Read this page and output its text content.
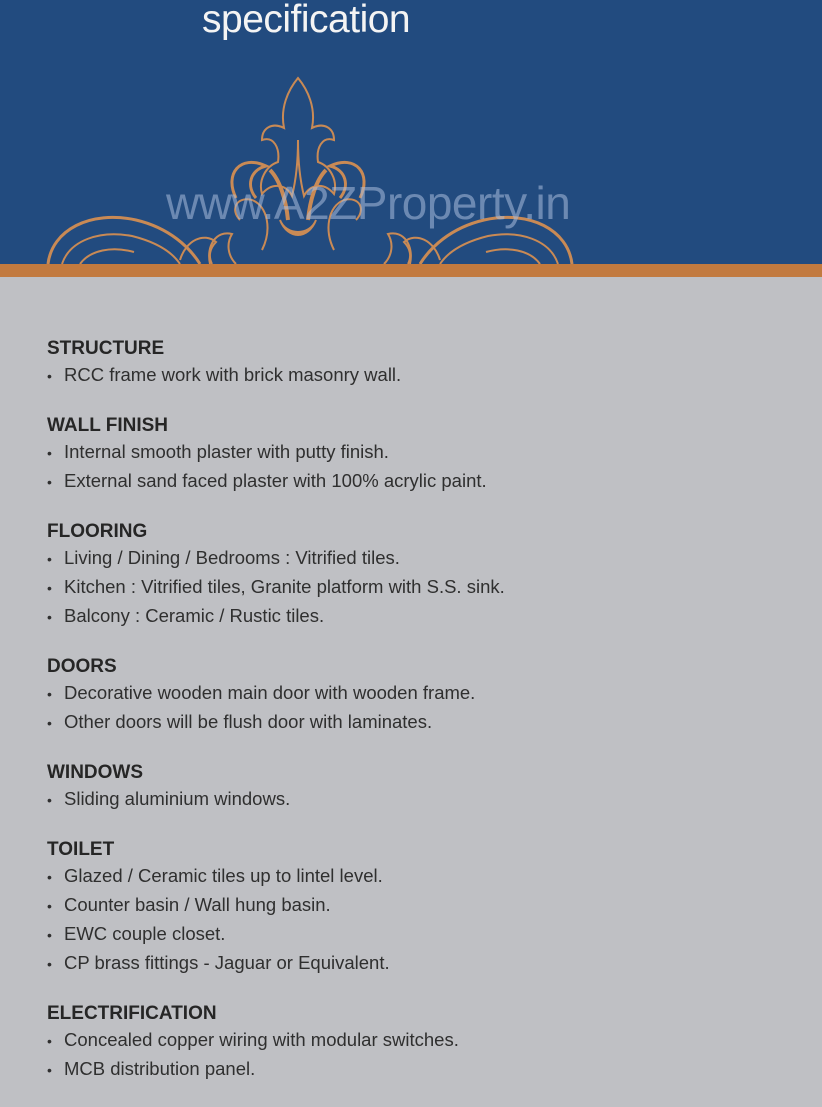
specification
www.A2ZProperty.in
STRUCTURE
• RCC frame work with brick masonry wall.
WALL FINISH
• Internal smooth plaster with putty finish.
• External sand faced plaster with 100% acrylic paint.
FLOORING
• Living / Dining / Bedrooms : Vitrified tiles.
• Kitchen : Vitrified tiles, Granite platform with S.S. sink.
• Balcony : Ceramic / Rustic tiles.
DOORS
• Decorative wooden main door with wooden frame.
• Other doors will be flush door with laminates.
WINDOWS
• Sliding aluminium windows.
TOILET
• Glazed / Ceramic tiles up to lintel level.
• Counter basin / Wall hung basin.
• EWC couple closet.
• CP brass fittings - Jaguar or Equivalent.
ELECTRIFICATION
• Concealed copper wiring with modular switches.
• MCB distribution panel.
